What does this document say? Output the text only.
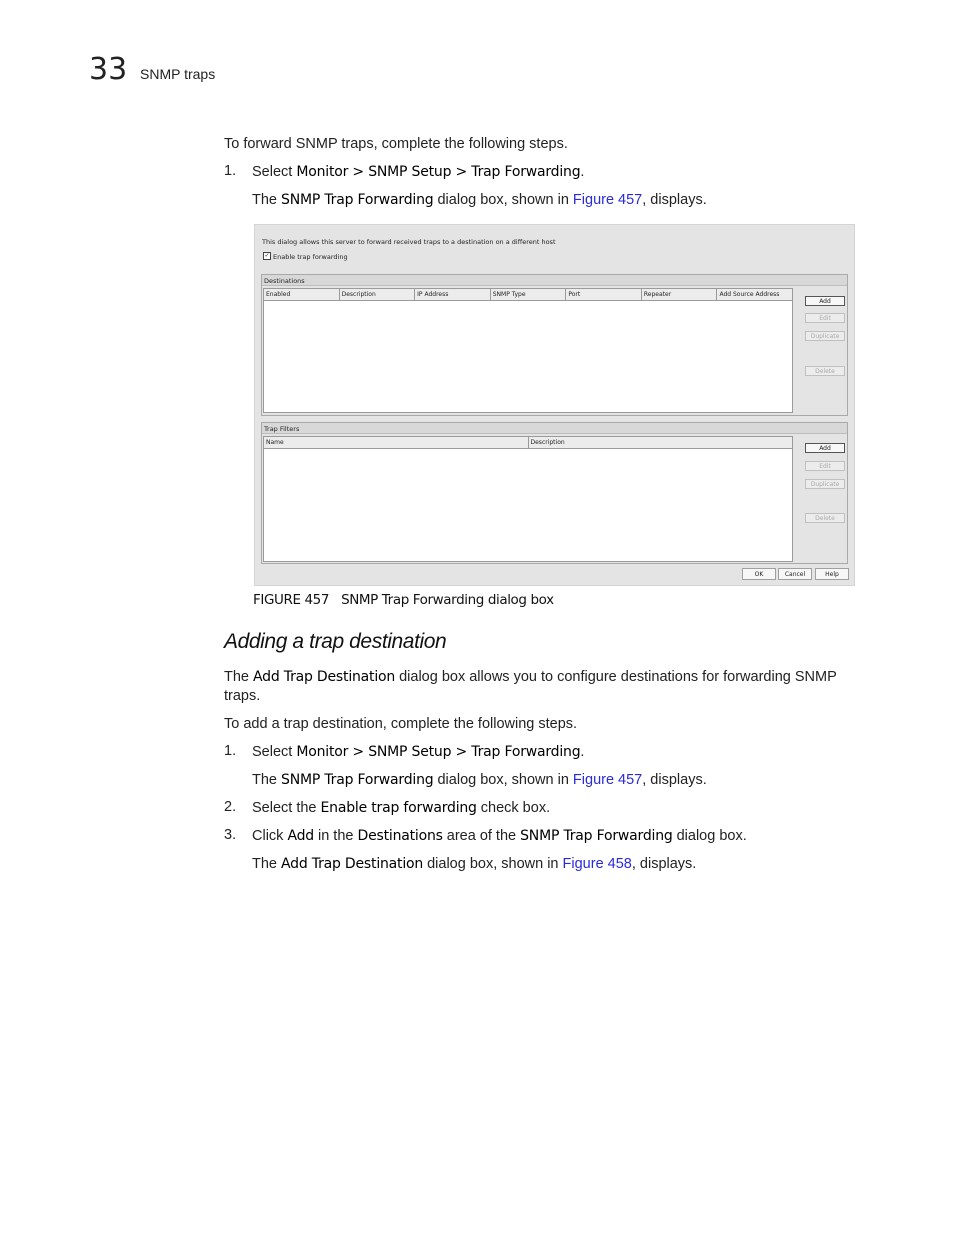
33 SNMP traps
To forward SNMP traps, complete the following steps.
1. Select Monitor > SNMP Setup > Trap Forwarding.
The SNMP Trap Forwarding dialog box, shown in Figure 457, displays.
This dialog allows this server to forward received traps to a destination on a different host
✓ Enable trap forwarding
Destinations
Enabled	Description	IP Address	SNMP Type	Port	Repeater	Add Source Address
Add
Edit
Duplicate
Delete
Trap Filters
Name	Description
Add
Edit
Duplicate
Delete
OK	Cancel	Help
FIGURE 457 SNMP Trap Forwarding dialog box
Adding a trap destination
The Add Trap Destination dialog box allows you to configure destinations for forwarding SNMP
traps.
To add a trap destination, complete the following steps.
1. Select Monitor > SNMP Setup > Trap Forwarding.
The SNMP Trap Forwarding dialog box, shown in Figure 457, displays.
2. Select the Enable trap forwarding check box.
3. Click Add in the Destinations area of the SNMP Trap Forwarding dialog box.
The Add Trap Destination dialog box, shown in Figure 458, displays.
